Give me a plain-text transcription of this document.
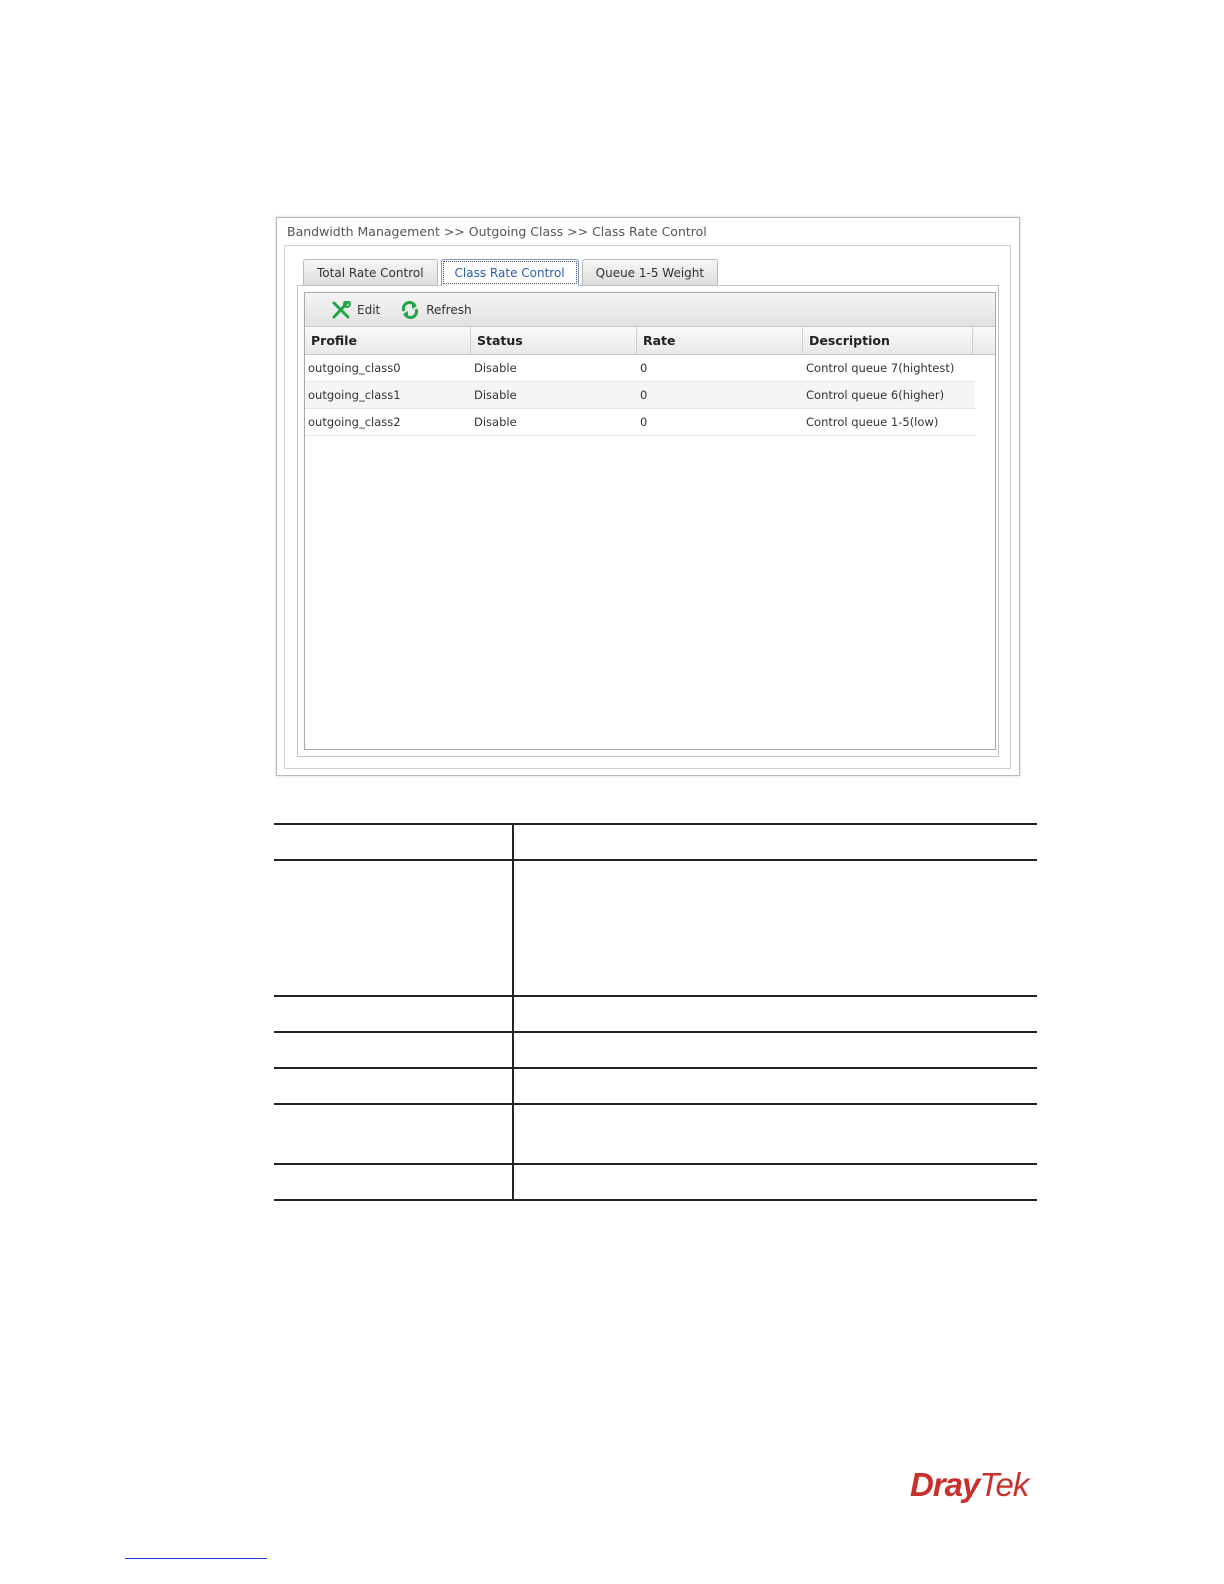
Bandwidth Management >> Outgoing Class >> Class Rate Control
Total Rate Control	Class Rate Control	Queue 1-5 Weight
Edit	Refresh
Profile	Status	Rate	Description
outgoing_class0	Disable	0	Control queue 7(hightest)
outgoing_class1	Disable	0	Control queue 6(higher)
outgoing_class2	Disable	0	Control queue 1-5(low)

DrayTek
